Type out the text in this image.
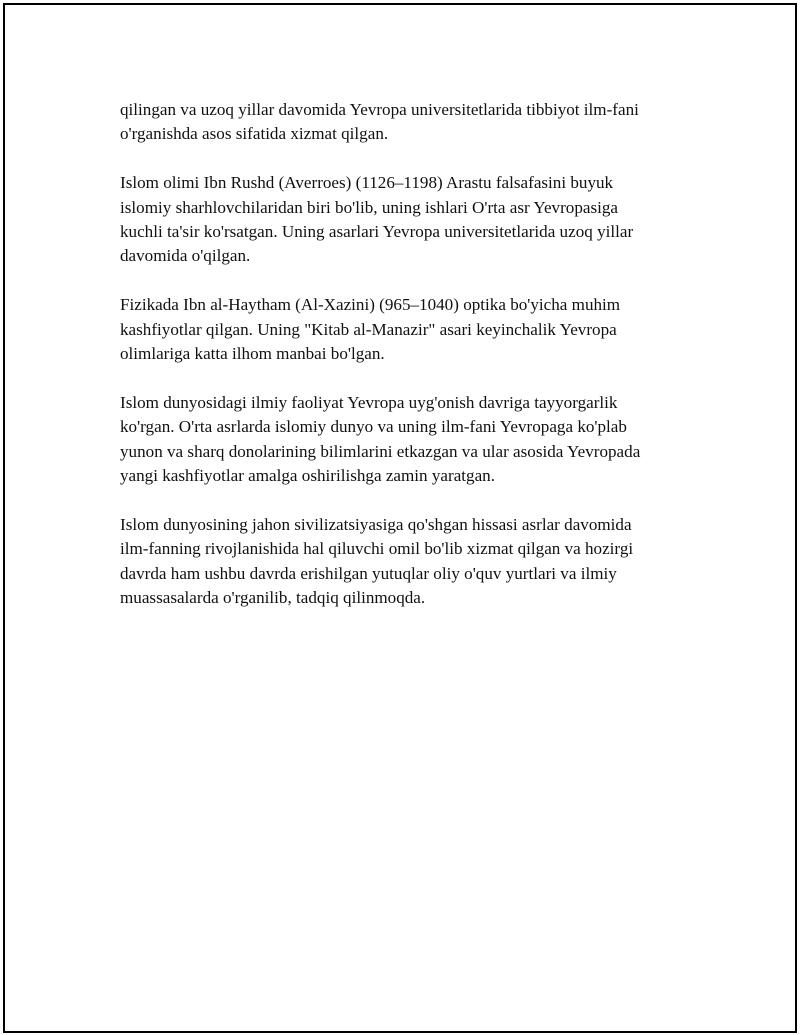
qilingan va uzoq yillar davomida Yevropa universitetlarida tibbiyot ilm-fani
o'rganishda asos sifatida xizmat qilgan.

Islom olimi Ibn Rushd (Averroes) (1126–1198) Arastu falsafasini buyuk
islomiy sharhlovchilaridan biri bo'lib, uning ishlari O'rta asr Yevropasiga
kuchli ta'sir ko'rsatgan. Uning asarlari Yevropa universitetlarida uzoq yillar
davomida o'qilgan.

Fizikada Ibn al-Haytham (Al-Xazini) (965–1040) optika bo'yicha muhim
kashfiyotlar qilgan. Uning "Kitab al-Manazir" asari keyinchalik Yevropa
olimlariga katta ilhom manbai bo'lgan.

Islom dunyosidagi ilmiy faoliyat Yevropa uyg'onish davriga tayyorgarlik
ko'rgan. O'rta asrlarda islomiy dunyo va uning ilm-fani Yevropaga ko'plab
yunon va sharq donolarining bilimlarini etkazgan va ular asosida Yevropada
yangi kashfiyotlar amalga oshirilishga zamin yaratgan.

Islom dunyosining jahon sivilizatsiyasiga qo'shgan hissasi asrlar davomida
ilm-fanning rivojlanishida hal qiluvchi omil bo'lib xizmat qilgan va hozirgi
davrda ham ushbu davrda erishilgan yutuqlar oliy o'quv yurtlari va ilmiy
muassasalarda o'rganilib, tadqiq qilinmoqda.
